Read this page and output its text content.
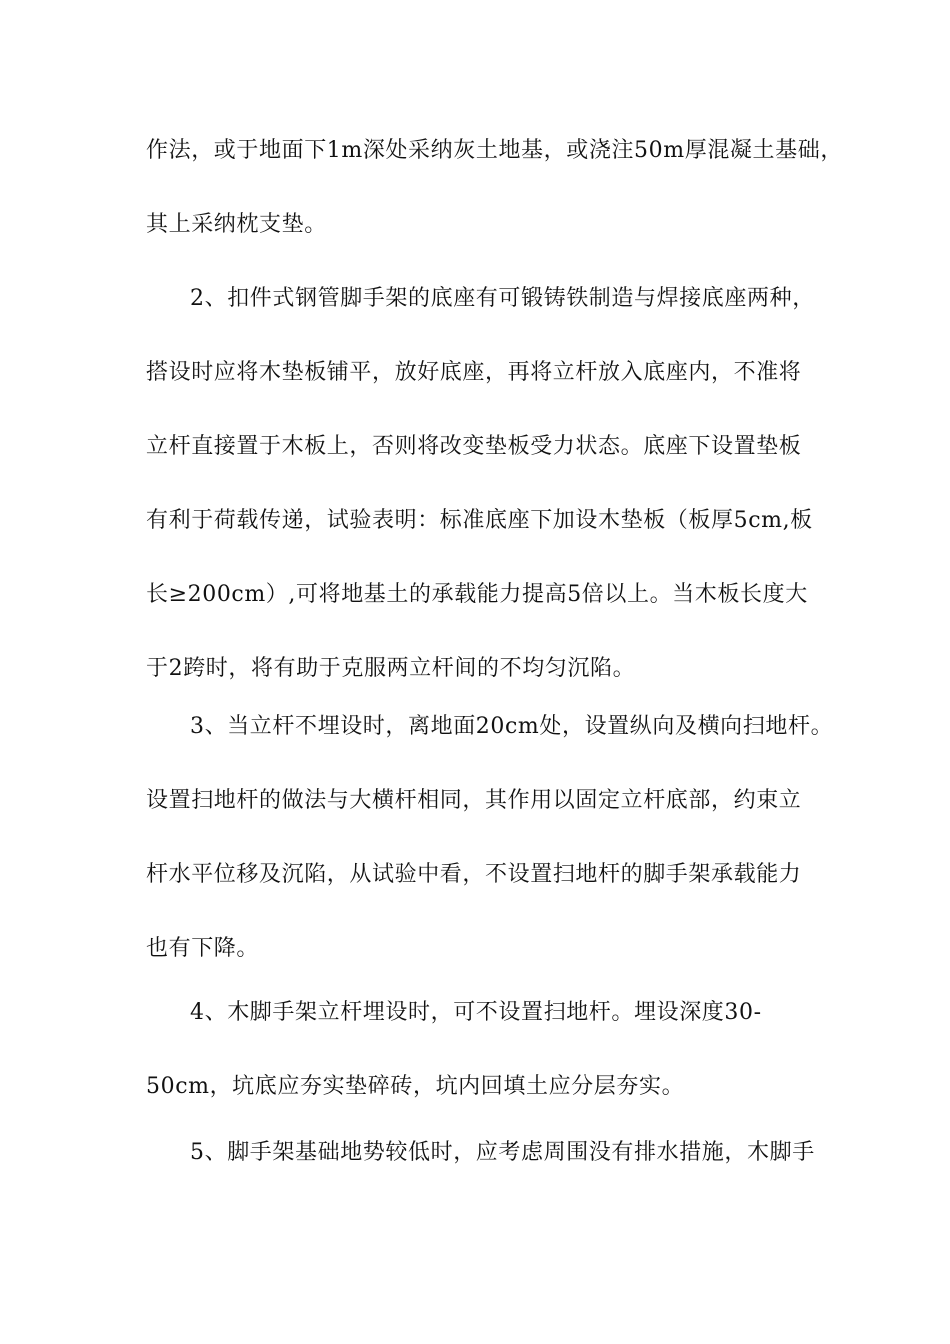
作法，或于地面下1m深处采纳灰土地基，或浇注50m厚混凝土基础，
其上采纳枕支垫。
2、扣件式钢管脚手架的底座有可锻铸铁制造与焊接底座两种，
搭设时应将木垫板铺平，放好底座，再将立杆放入底座内，不准将
立杆直接置于木板上，否则将改变垫板受力状态。底座下设置垫板
有利于荷载传递，试验表明：标准底座下加设木垫板（板厚5cm,板
长≥200cm）,可将地基土的承载能力提高5倍以上。当木板长度大
于2跨时，将有助于克服两立杆间的不均匀沉陷。
3、当立杆不埋设时，离地面20cm处，设置纵向及横向扫地杆。
设置扫地杆的做法与大横杆相同，其作用以固定立杆底部，约束立
杆水平位移及沉陷，从试验中看，不设置扫地杆的脚手架承载能力
也有下降。
4、木脚手架立杆埋设时，可不设置扫地杆。埋设深度30-
50cm，坑底应夯实垫碎砖，坑内回填土应分层夯实。
5、脚手架基础地势较低时，应考虑周围没有排水措施，木脚手
